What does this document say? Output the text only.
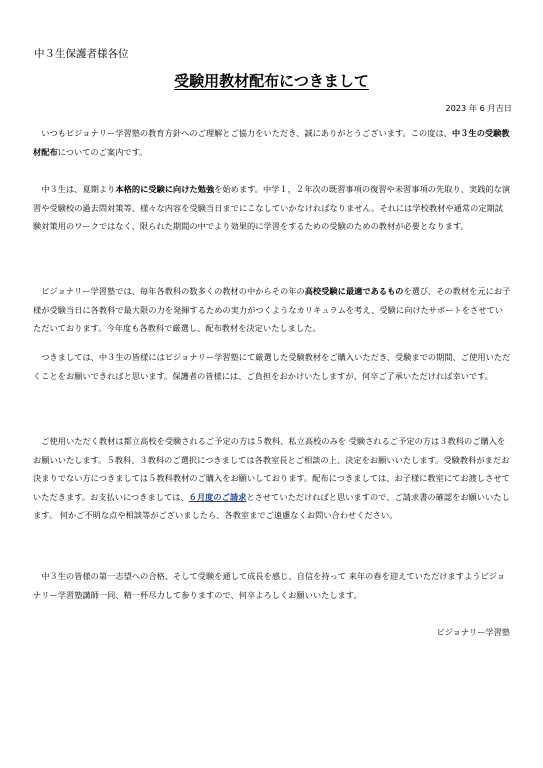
中３生保護者様各位
受験用教材配布につきまして
2023 年 6 月吉日
　いつもビジョナリー学習塾の教育方針へのご理解とご協力をいただき、誠にありがとうございます。この度は、中３生の受験教材配布についてのご案内です。
　中３生は、夏期より本格的に受験に向けた勉強を始めます。中学１，２年次の既習事項の復習や未習事項の先取り、実践的な演習や受験校の過去問対策等、様々な内容を受験当日までにこなしていかなければなりません。それには学校教材や通常の定期試験対策用のワークではなく、限られた期間の中でより効果的に学習をするための受験のための教材が必要となります。
　ビジョナリー学習塾では、毎年各教科の数多くの教材の中からその年の高校受験に最適であるものを選び、その教材を元にお子様が受験当日に各教科で最大限の力を発揮するための実力がつくようなカリキュラムを考え、受験に向けたサポートをさせていただいております。今年度も各教科で厳選し、配布教材を決定いたしました。
　つきましては、中３生の皆様にはビジョナリー学習塾にて厳選した受験教材をご購入いただき、受験までの期間、ご使用いただくことをお願いできればと思います。保護者の皆様には、ご負担をおかけいたしますが、何卒ご了承いただければ幸いです。
　ご使用いただく教材は都立高校を受験されるご予定の方は５教科、私立高校のみを 受験されるご予定の方は３教科のご購入をお願いいたします。５教科、３教科のご選択につきましては各教室長とご相談の上、決定をお願いいたします。受験教科がまだお決まりでない方につきましては５教科教材のご購入をお願いしております。配布につきましては、お子様に教室にてお渡しさせていただきます。お支払いにつきましては、６月度のご請求とさせていただければと思いますので、ご請求書の確認をお願いいたします。 何かご不明な点や相談等がございましたら、各教室までご遠慮なくお問い合わせください。
　中３生の皆様の第一志望への合格、そして受験を通して成長を感じ、自信を持って 来年の春を迎えていただけますようビジョナリー学習塾講師一同、精一杯尽力して参りますので、何卒よろしくお願いいたします。
ビジョナリー学習塾
